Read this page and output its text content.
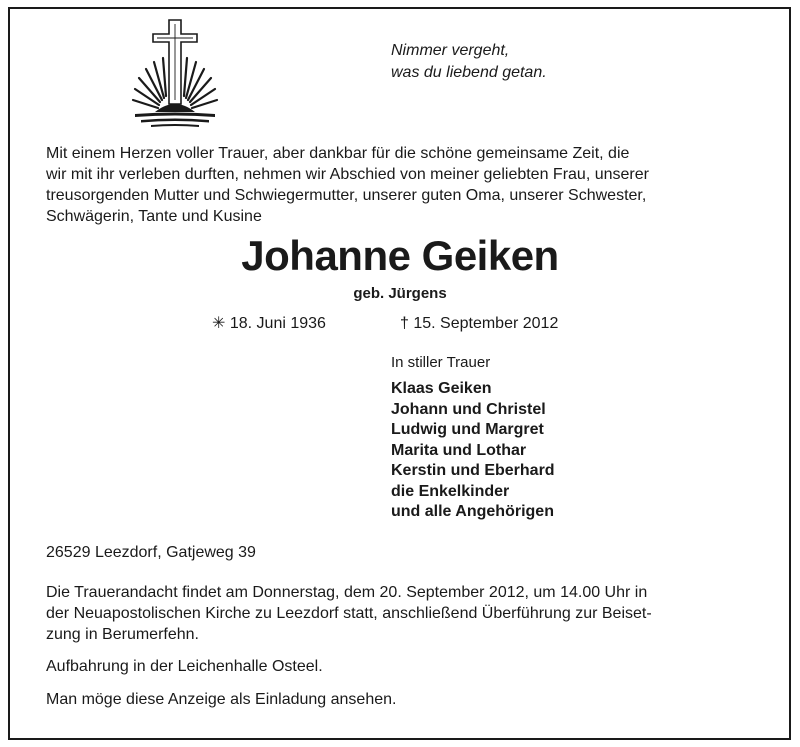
Nimmer vergeht,
was du liebend getan.
Mit einem Herzen voller Trauer, aber dankbar für die schöne gemeinsame Zeit, die
wir mit ihr verleben durften, nehmen wir Abschied von meiner geliebten Frau, unserer
treusorgenden Mutter und Schwiegermutter, unserer guten Oma, unserer Schwester,
Schwägerin, Tante und Kusine
Johanne Geiken
geb. Jürgens
✳ 18. Juni 1936	† 15. September 2012
In stiller Trauer
Klaas Geiken
Johann und Christel
Ludwig und Margret
Marita und Lothar
Kerstin und Eberhard
die Enkelkinder
und alle Angehörigen
26529 Leezdorf, Gatjeweg 39
Die Trauerandacht findet am Donnerstag, dem 20. September 2012, um 14.00 Uhr in
der Neuapostolischen Kirche zu Leezdorf statt, anschließend Überführung zur Beiset-
zung in Berumerfehn.
Aufbahrung in der Leichenhalle Osteel.
Man möge diese Anzeige als Einladung ansehen.
